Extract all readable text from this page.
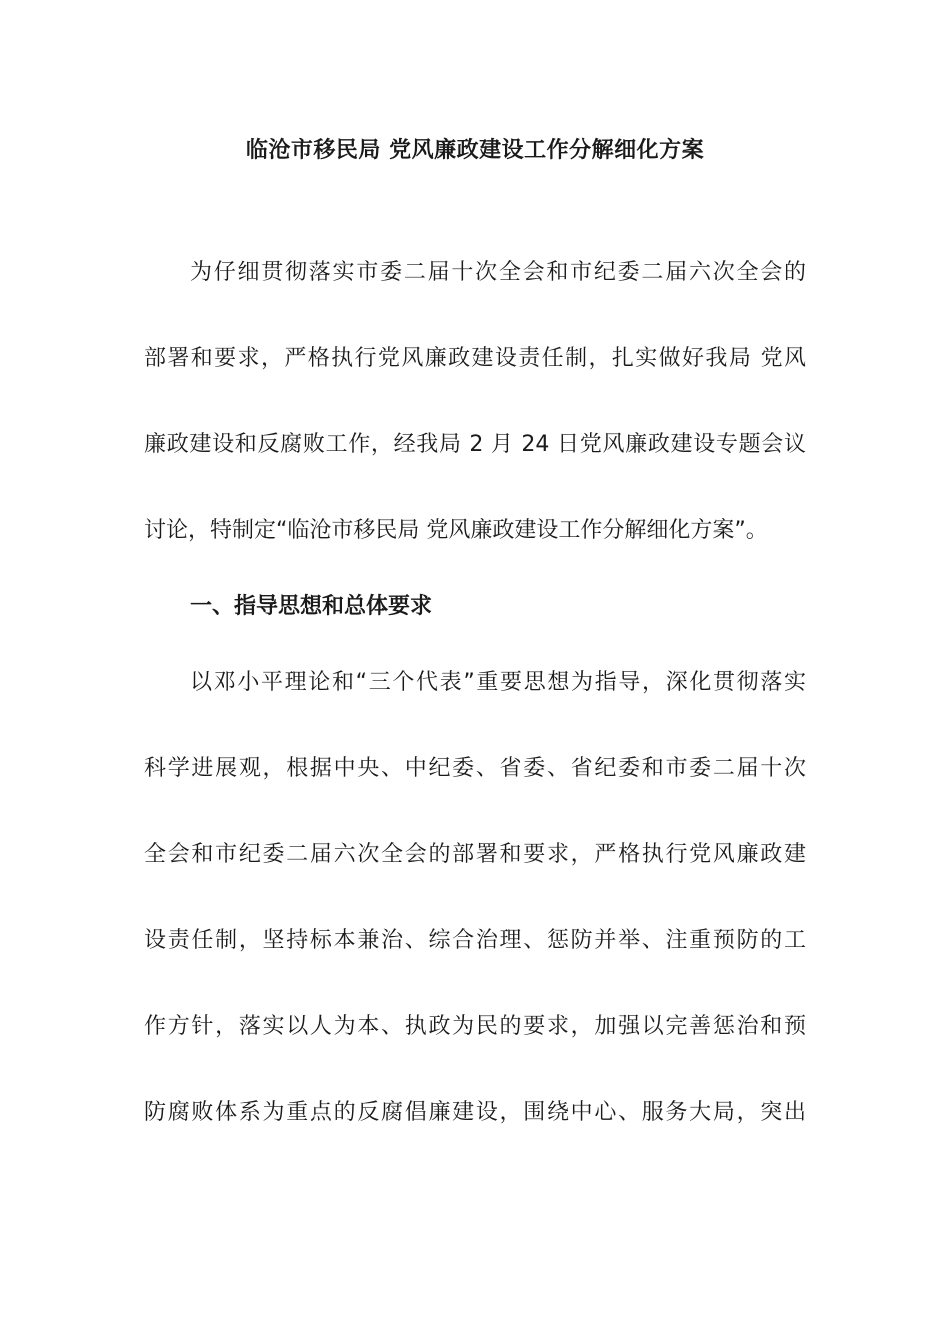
临沧市移民局 党风廉政建设工作分解细化方案
为仔细贯彻落实市委二届十次全会和市纪委二届六次全会的
部署和要求，严格执行党风廉政建设责任制，扎实做好我局 党风
廉政建设和反腐败工作，经我局 2 月 24 日党风廉政建设专题会议
讨论，特制定“临沧市移民局 党风廉政建设工作分解细化方案”。
一、指导思想和总体要求
以邓小平理论和“三个代表”重要思想为指导，深化贯彻落实
科学进展观，根据中央、中纪委、省委、省纪委和市委二届十次
全会和市纪委二届六次全会的部署和要求，严格执行党风廉政建
设责任制，坚持标本兼治、综合治理、惩防并举、注重预防的工
作方针，落实以人为本、执政为民的要求，加强以完善惩治和预
防腐败体系为重点的反腐倡廉建设，围绕中心、服务大局，突出
